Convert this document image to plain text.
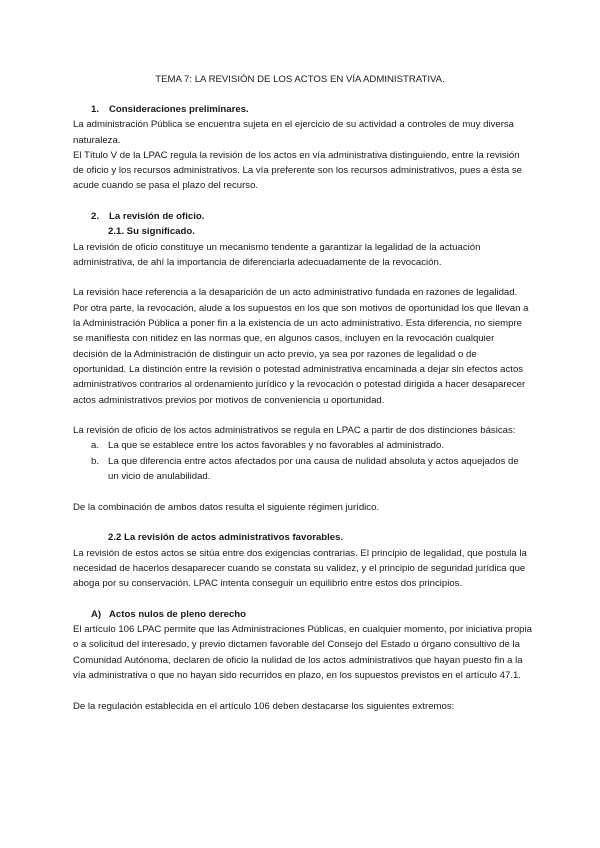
TEMA 7: LA REVISIÓN DE LOS ACTOS EN VÍA ADMINISTRATIVA.
1. Consideraciones preliminares.

La administración Pública se encuentra sujeta en el ejercicio de su actividad a controles de muy diversa naturaleza.

El Título V de la LPAC regula la revisión de los actos en vía administrativa distinguiendo, entre la revisión de oficio y los recursos administrativos. La vía preferente son los recursos administrativos, pues a ésta se acude cuando se pasa el plazo del recurso.

2. La revisión de oficio.
2.1. Su significado.

La revisión de oficio constituye un mecanismo tendente a garantizar la legalidad de la actuación administrativa, de ahí la importancia de diferenciarla adecuadamente de la revocación.

La revisión hace referencia a la desaparición de un acto administrativo fundada en razones de legalidad. Por otra parte, la revocación, alude a los supuestos en los que son motivos de oportunidad los que llevan a la Administración Pública a poner fin a la existencia de un acto administrativo. Esta diferencia, no siempre se manifiesta con nitidez en las normas que, en algunos casos, incluyen en la revocación cualquier decisión de la Administración de distinguir un acto previo, ya sea por razones de legalidad o de oportunidad. La distinción entre la revisión o potestad administrativa encaminada a dejar sin efectos actos administrativos contrarios al ordenamiento jurídico y la revocación o potestad dirigida a hacer desaparecer actos administrativos previos por motivos de conveniencia u oportunidad.

La revisión de oficio de los actos administrativos se regula en LPAC a partir de dos distinciones básicas:

a. La que se establece entre los actos favorables y no favorables al administrado.
b. La que diferencia entre actos afectados por una causa de nulidad absoluta y actos aquejados de un vicio de anulabilidad.

De la combinación de ambos datos resulta el siguiente régimen jurídico.

2.2 La revisión de actos administrativos favorables.

La revisión de estos actos se sitúa entre dos exigencias contrarias. El principio de legalidad, que postula la necesidad de hacerlos desaparecer cuando se constata su validez, y el principio de seguridad jurídica que aboga por su conservación. LPAC intenta conseguir un equilibrio entre estos dos principios.

A) Actos nulos de pleno derecho

El artículo 106 LPAC permite que las Administraciones Públicas, en cualquier momento, por iniciativa propia o a solicitud del interesado, y previo dictamen favorable del Consejo del Estado u órgano consultivo de la Comunidad Autónoma, declaren de oficio la nulidad de los actos administrativos que hayan puesto fin a la vía administrativa o que no hayan sido recurridos en plazo, en los supuestos previstos en el artículo 47.1.

De la regulación establecida en el artículo 106 deben destacarse los siguientes extremos:
